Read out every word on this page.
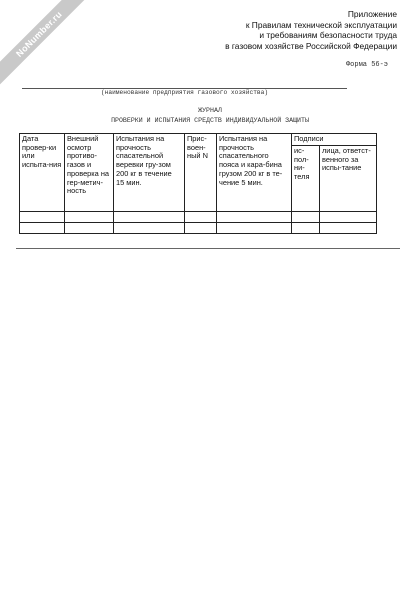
NoNumber.ru	Приложение
к Правилам технической эксплуатации
и требованиям безопасности труда
в газовом хозяйстве Российской Федерации
Форма 56-э
(наименование предприятия газового хозяйства)
ЖУРНАЛ
ПРОВЕРКИ И ИСПЫТАНИЯ СРЕДСТВ ИНДИВИДУАЛЬНОЙ ЗАЩИТЫ
Дата провер-ки или испыта-ния	Внешний осмотр противо-газов и проверка на гер-метич-ность	Испытания на прочность спасательной веревки гру-зом 200 кг в течение 15 мин.	Прис-воен-ный N	Испытания на прочность спасательного пояса и кара-бина грузом 200 кг в те-чение 5 мин.	Подписи	
					ис-пол-ни-теля	лица, ответст-венного за испы-тание
